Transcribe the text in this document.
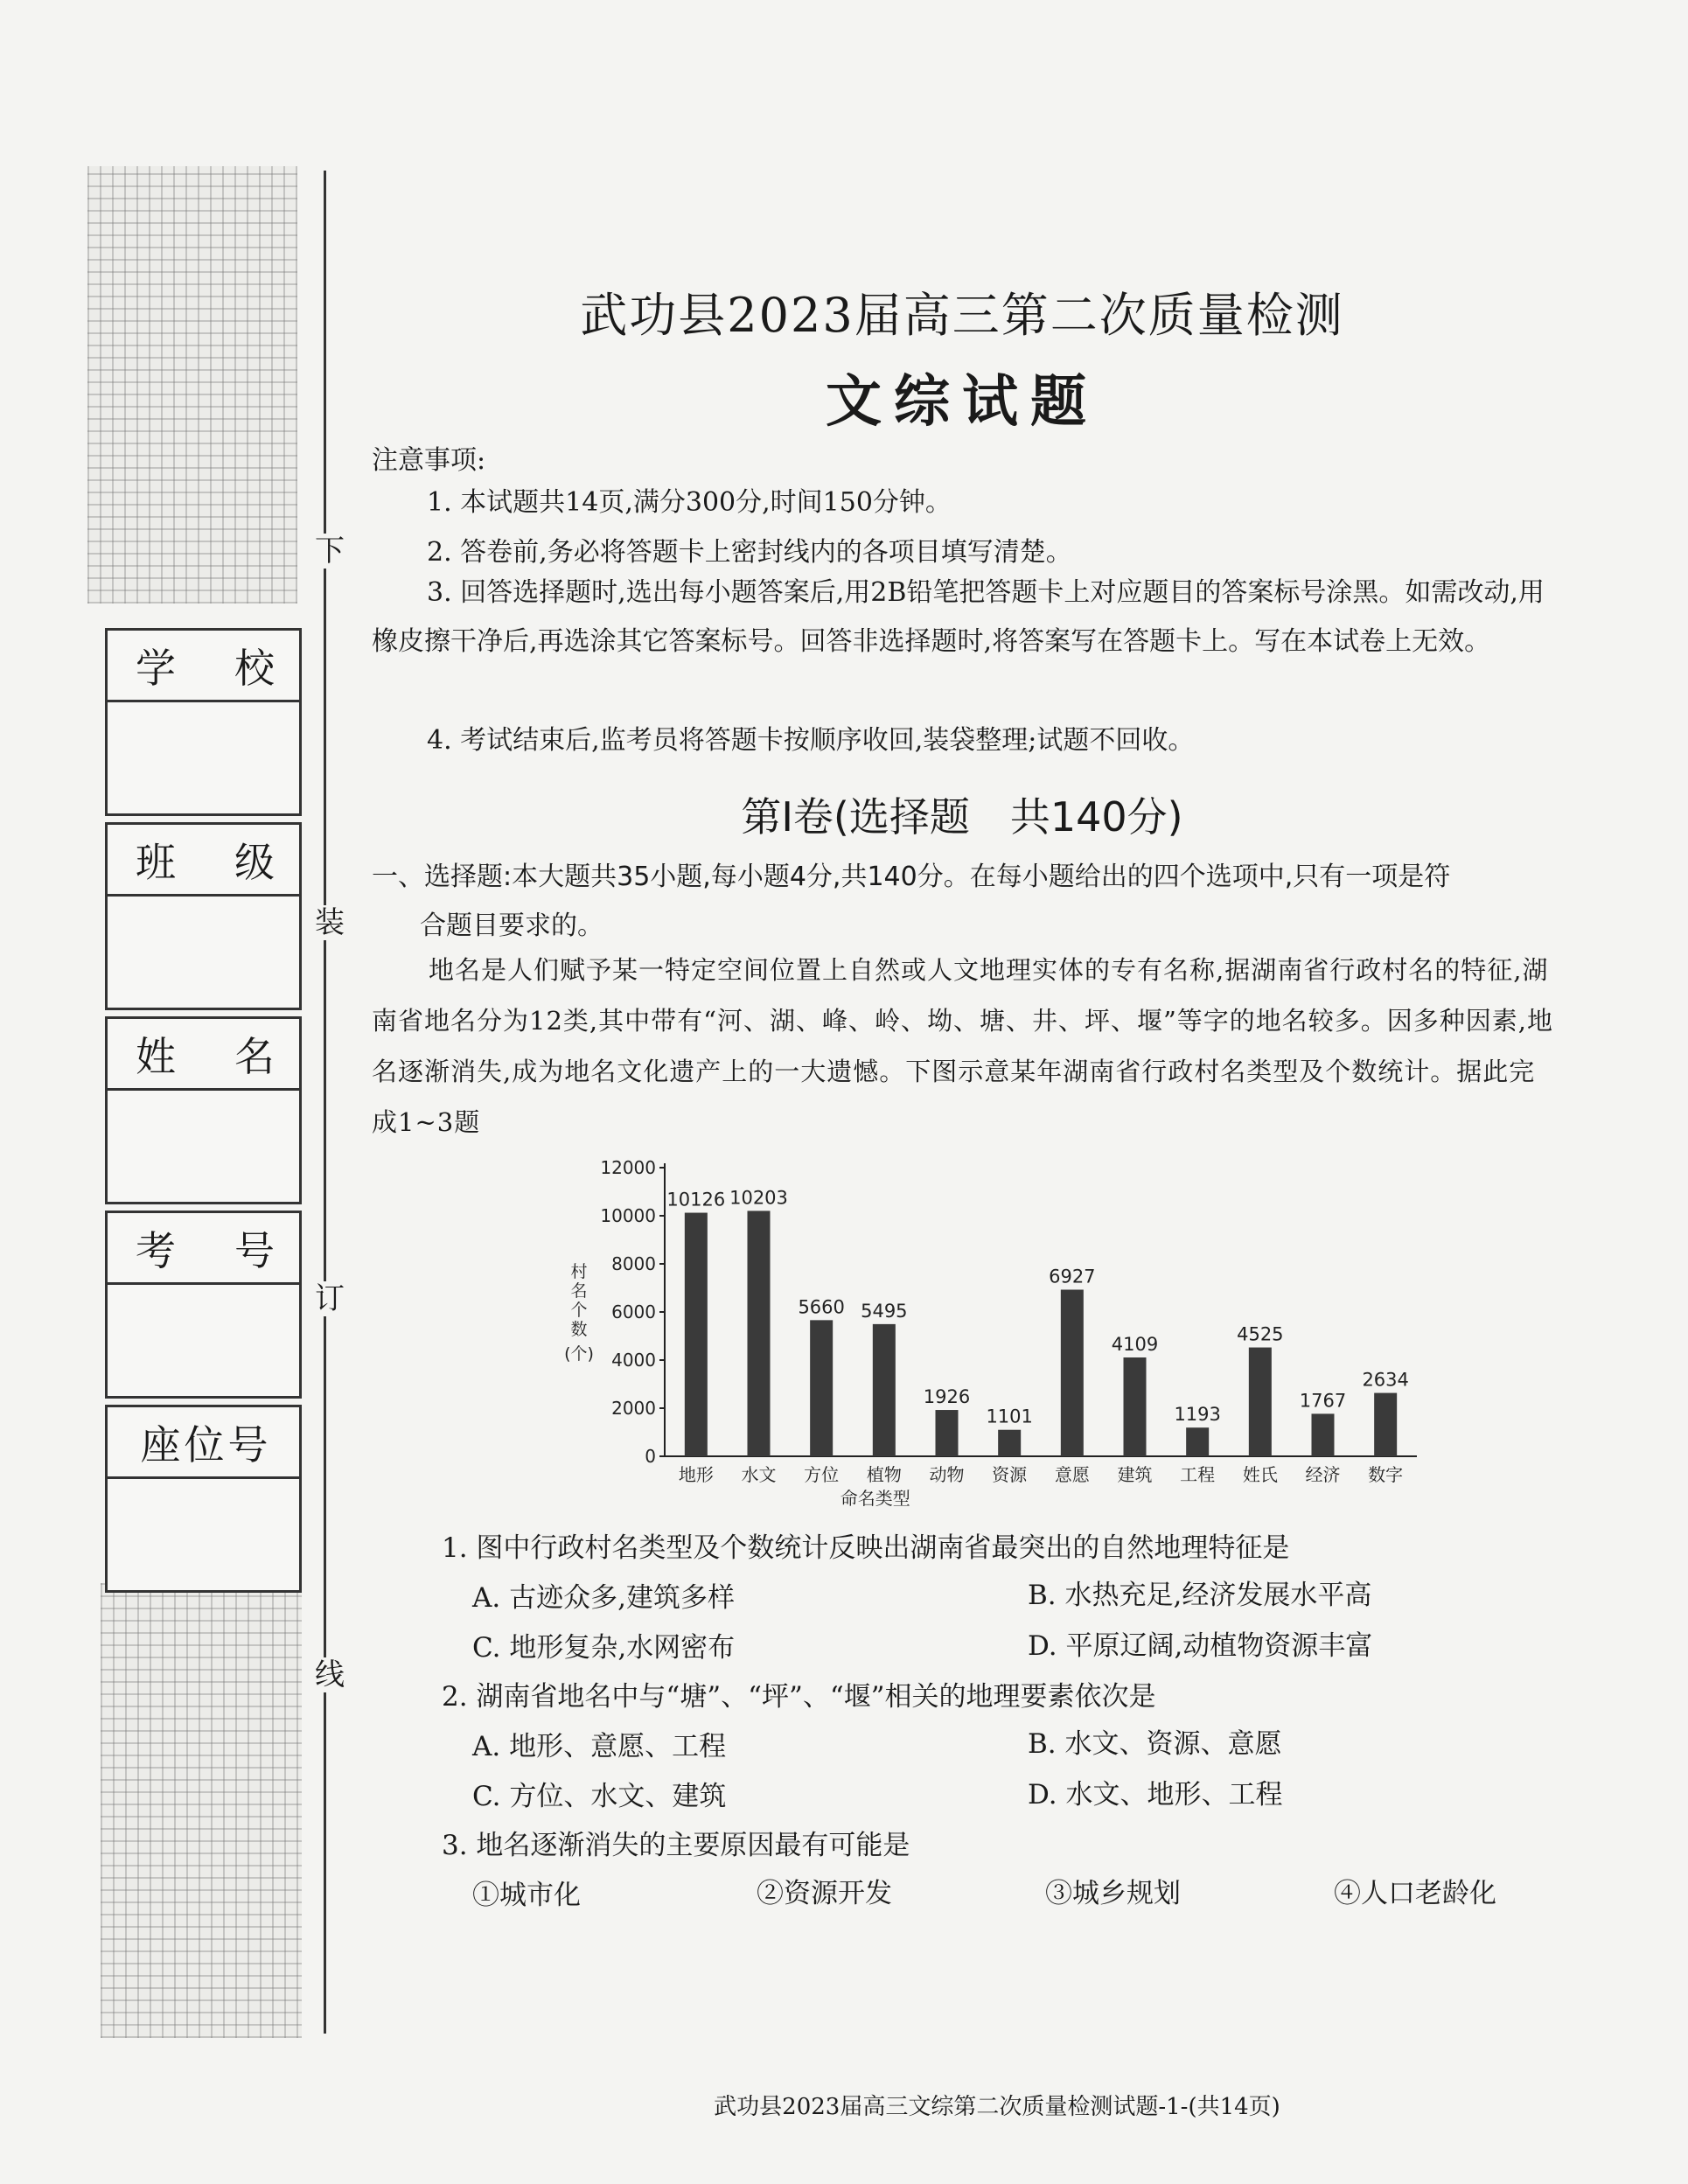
下
装
订
线
学 校
班 级
姓 名
考 号
座位号
武功县2023届高三第二次质量检测
文综试题
注意事项:
1. 本试题共14页,满分300分,时间150分钟。
2. 答卷前,务必将答题卡上密封线内的各项目填写清楚。
3. 回答选择题时,选出每小题答案后,用2B铅笔把答题卡上对应题目的答案标号涂黑。如需改动,用橡皮擦干净后,再选涂其它答案标号。回答非选择题时,将答案写在答题卡上。写在本试卷上无效。
4. 考试结束后,监考员将答题卡按顺序收回,装袋整理;试题不回收。
第Ⅰ卷(选择题　共140分)
一、选择题:本大题共35小题,每小题4分,共140分。在每小题给出的四个选项中,只有一项是符
合题目要求的。
地名是人们赋予某一特定空间位置上自然或人文地理实体的专有名称,据湖南省行政村名的特征,湖南省地名分为12类,其中带有“河、湖、峰、岭、坳、塘、井、坪、堰”等字的地名较多。因多种因素,地名逐渐消失,成为地名文化遗产上的一大遗憾。下图示意某年湖南省行政村名类型及个数统计。据此完成1~3题
0
2000
4000
6000
8000
10000
12000
村
名
个
数
(个)
10126
地形
10203
水文
5660
方位
5495
植物
1926
动物
1101
资源
6927
意愿
4109
建筑
1193
工程
4525
姓氏
1767
经济
2634
数字
命名类型
1. 图中行政村名类型及个数统计反映出湖南省最突出的自然地理特征是
A. 古迹众多,建筑多样	B. 水热充足,经济发展水平高
C. 地形复杂,水网密布	D. 平原辽阔,动植物资源丰富
2. 湖南省地名中与“塘”、“坪”、“堰”相关的地理要素依次是
A. 地形、意愿、工程	B. 水文、资源、意愿
C. 方位、水文、建筑	D. 水文、地形、工程
3. 地名逐渐消失的主要原因最有可能是
①城市化	②资源开发	③城乡规划	④人口老龄化
武功县2023届高三文综第二次质量检测试题-1-(共14页)
